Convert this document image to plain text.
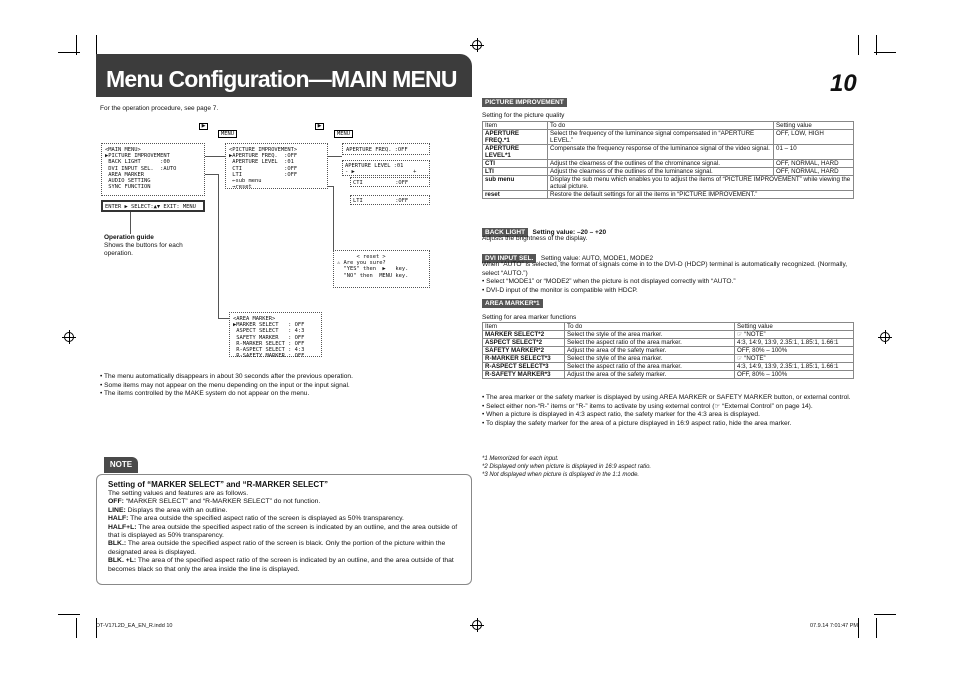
Menu Configuration—MAIN MENU	10
For the operation procedure, see page 7.
▶
MENU
▶
MENU
<MAIN MENU>
▶PICTURE IMPROVEMENT
BACK LIGHT      :00
DVI INPUT SEL.  :AUTO
AREA MARKER
AUDIO SETTING
SYNC FUNCTION
ENTER ▶ SELECT:▲▼ EXIT: MENU
<PICTURE IMPROVEMENT>
▶APERTURE FREQ.  :OFF
APERTURE LEVEL  :01
CTI             :OFF
LTI             :OFF
←sub menu
→reset
APERTURE FREQ. :OFF
APERTURE LEVEL :01
- ▶                  +
CTI          :OFF
LTI          :OFF
< reset >
⚠ Are you sure?
"YES" then  ▶   key.
"NO" then  MENU key.
<AREA MARKER>
▶MARKER SELECT   : OFF
ASPECT SELECT   : 4:3
SAFETY MARKER   : OFF
R-MARKER SELECT : OFF
R-ASPECT SELECT : 4:3
R-SAFETY MARKER : OFF
Operation guide
Shows the buttons for each operation.
• The menu automatically disappears in about 30 seconds after the previous operation.
• Some items may not appear on the menu depending on the input or the input signal.
• The items controlled by the MAKE system do not appear on the menu.
NOTE
Setting of “MARKER SELECT” and “R-MARKER SELECT”
The setting values and features are as follows.
OFF: “MARKER SELECT” and “R-MARKER SELECT” do not function.
LINE: Displays the area with an outline.
HALF: The area outside the specified aspect ratio of the screen is displayed as 50% transparency.
HALF+L: The area outside the specified aspect ratio of the screen is indicated by an outline, and the area outside of that is displayed as 50% transparency.
BLK.: The area outside the specified aspect ratio of the screen is black. Only the portion of the picture within the designated area is displayed.
BLK. +L: The area of the specified aspect ratio of the screen is indicated by an outline, and the area outside of that becomes black so that only the area inside the line is displayed.
PICTURE IMPROVEMENT
Setting for the picture quality
Item	To do	Setting value
APERTURE FREQ.*1	Select the frequency of the luminance signal compensated in “APERTURE LEVEL.”	OFF, LOW, HIGH
APERTURE LEVEL*1	Compensate the frequency response of the luminance signal of the video signal.	01 – 10
CTI	Adjust the clearness of the outlines of the chrominance signal.	OFF, NORMAL, HARD
LTI	Adjust the clearness of the outlines of the luminance signal.	OFF, NORMAL, HARD
sub menu	Display the sub menu which enables you to adjust the items of “PICTURE IMPROVEMENT” while viewing the actual picture.	
reset	Restore the default settings for all the items in “PICTURE IMPROVEMENT.”	
BACK LIGHT Setting value: –20 – +20
Adjusts the brightness of the display.
DVI INPUT SEL. Setting value: AUTO, MODE1, MODE2
When “AUTO” is selected, the format of signals come in to the DVI-D (HDCP) terminal is automatically recognized. (Normally, select “AUTO.”)
• Select “MODE1” or “MODE2” when the picture is not displayed correctly with “AUTO.”
• DVI-D input of the monitor is compatible with HDCP.
AREA MARKER*1
Setting for area marker functions
Item	To do	Setting value
MARKER SELECT*2	Select the style of the area marker.	☞ “NOTE”
ASPECT SELECT*2	Select the aspect ratio of the area marker.	4:3, 14:9, 13:9, 2.35:1, 1.85:1, 1.66:1
SAFETY MARKER*2	Adjust the area of the safety marker.	OFF, 80% – 100%
R-MARKER SELECT*3	Select the style of the area marker.	☞ “NOTE”
R-ASPECT SELECT*3	Select the aspect ratio of the area marker.	4:3, 14:9, 13:9, 2.35:1, 1.85:1, 1.66:1
R-SAFETY MARKER*3	Adjust the area of the safety marker.	OFF, 80% – 100%
• The area marker or the safety marker is displayed by using AREA MARKER or SAFETY MARKER button, or external control.
• Select either non-“R-” items or “R-” items to activate by using external control (☞ “External Control” on page 14).
• When a picture is displayed in 4:3 aspect ratio, the safety marker for the 4:3 area is displayed.
• To display the safety marker for the area of a picture displayed in 16:9 aspect ratio, hide the area marker.
*1 Memorized for each input.
*2 Displayed only when picture is displayed in 16:9 aspect ratio.
*3 Not displayed when picture is displayed in the 1:1 mode.
DT-V17L2D_EA_EN_R.indd 10	07.9.14 7:01:47 PM
